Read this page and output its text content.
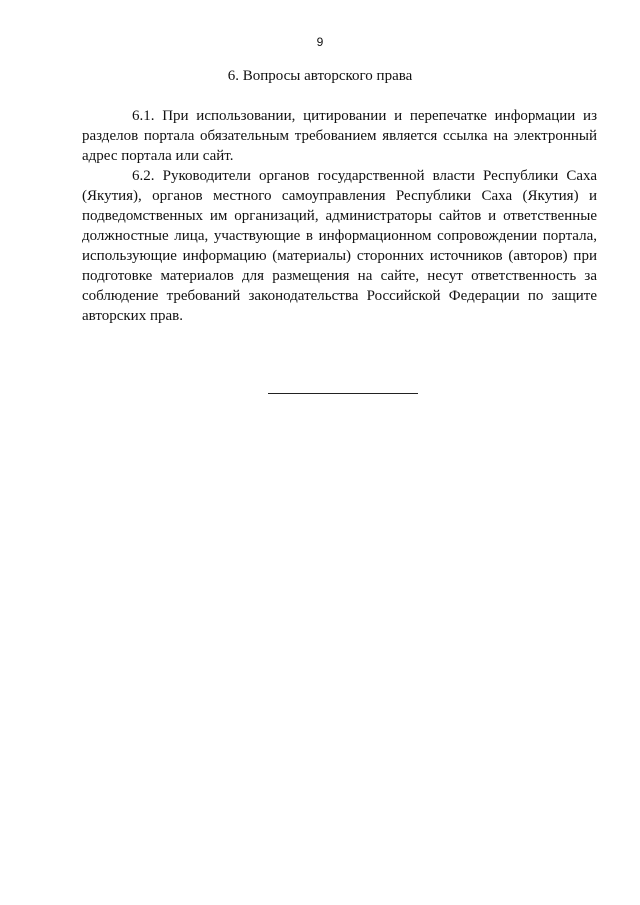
9

6. Вопросы авторского права

6.1. При использовании, цитировании и перепечатке информации из разделов портала обязательным требованием является ссылка на электронный адрес портала или сайт.

6.2. Руководители органов государственной власти Республики Саха (Якутия), органов местного самоуправления Республики Саха (Якутия) и подведомственных им организаций, администраторы сайтов и ответственные должностные лица, участвующие в информационном сопровождении портала, использующие информацию (материалы) сторонних источников (авторов) при подготовке материалов для размещения на сайте, несут ответственность за соблюдение требований законодательства Российской Федерации по защите авторских прав.
